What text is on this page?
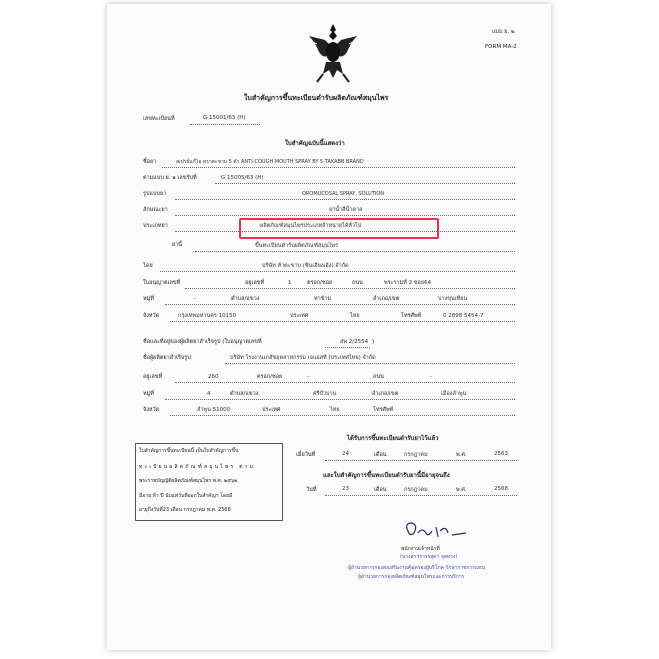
แบบ ย. ๒
FORM MA-2
ใบสำคัญการขึ้นทะเบียนตำรับผลิตภัณฑ์สมุนไพร
เลขทะเบียนที่	G 15001/63 (H)
ใบสำคัญฉบับนี้แสดงว่า
ชื่อยา	สเปรย์แก้ไอ ตราตะขาบ 5 ตัว ANTI-COUGH MOUTH SPRAY BY 5 TAKABB BRAND
ตามแบบ ย. ๑ เลขรับที่	G 15005/63 (H)
รูปแบบยา	OROMUCOSAL SPRAY, SOLUTION
ลักษณะยา	ยาน้ำสีน้ำตาล
ประเภทยา	ผลิตภัณฑ์สมุนไพรประเภทจำหน่ายได้ทั่วไป
ยานี้	ขึ้นทะเบียนตำรับผลิตภัณฑ์สมุนไพร
โดย	บริษัท ห้าตะขาบ (ซินเฮียงเฮ้ง) จำกัด
ใบอนุญาตเลขที่	อยู่เลขที่	1	ตรอก/ซอย	ถนน	พระรามที่ 2 ซอย64
หมู่ที่	-	ตำบล/แขวง	ท่าข้าม	อำเภอ/เขต	บางขุนเทียน
จังหวัด	กรุงเทพมหานคร 10150	ประเทศ	ไทย	โทรศัพท์	0 2898 5454-7
ชื่อและที่อยู่ของผู้ผลิตยาสำเร็จรูป (ใบอนุญาตเลขที่	สพ 2/2554 )
ชื่อผู้ผลิตยาสำเร็จรูป	บริษัท โรงงานเภสัชอุตสาหกรรม เจแอสที (ประเทศไทย) จำกัด
อยู่เลขที่	260	ตรอก/ซอย	-	ถนน	-
หมู่ที่	4	ตำบล/แขวง	ศรีบัวบาน	อำเภอ/เขต	เมืองลำพูน
จังหวัด	ลำพูน 51000	ประเทศ	ไทย	โทรศัพท์
ใบสำคัญการขึ้นทะเบียนนี้ เป็นใบสำคัญการขึ้น
ทะเบียนผลิตภัณฑ์สมุนไพร ตาม
พระราชบัญญัติผลิตภัณฑ์สมุนไพร พ.ศ. ๒๕๖๒
มีอายุ ห้า ปี นับแต่วันที่ออกใบสำคัญฯ โดยมี
อายุถึงวันที่23 เดือน กรกฎาคม พ.ศ. 2568
ได้รับการขึ้นทะเบียนตำรับยาไว้แล้ว
เมื่อวันที่	24	เดือน	กรกฎาคม	พ.ศ.	2563
และใบสำคัญการขึ้นทะเบียนตำรับยานี้มีอายุจนถึง
วันที่	23	เดือน	กรกฎาคม	พ.ศ.	2568
พนักงานเจ้าหน้าที่
(นางสาวรวรรสุดา จุลทรง)
ผู้อำนวยการกองส่งเสริมงานคุ้มครองผู้บริโภค รักษาราชการแทน
ผู้อำนวยการกองผลิตภัณฑ์สมุนไพรและการบริการ
